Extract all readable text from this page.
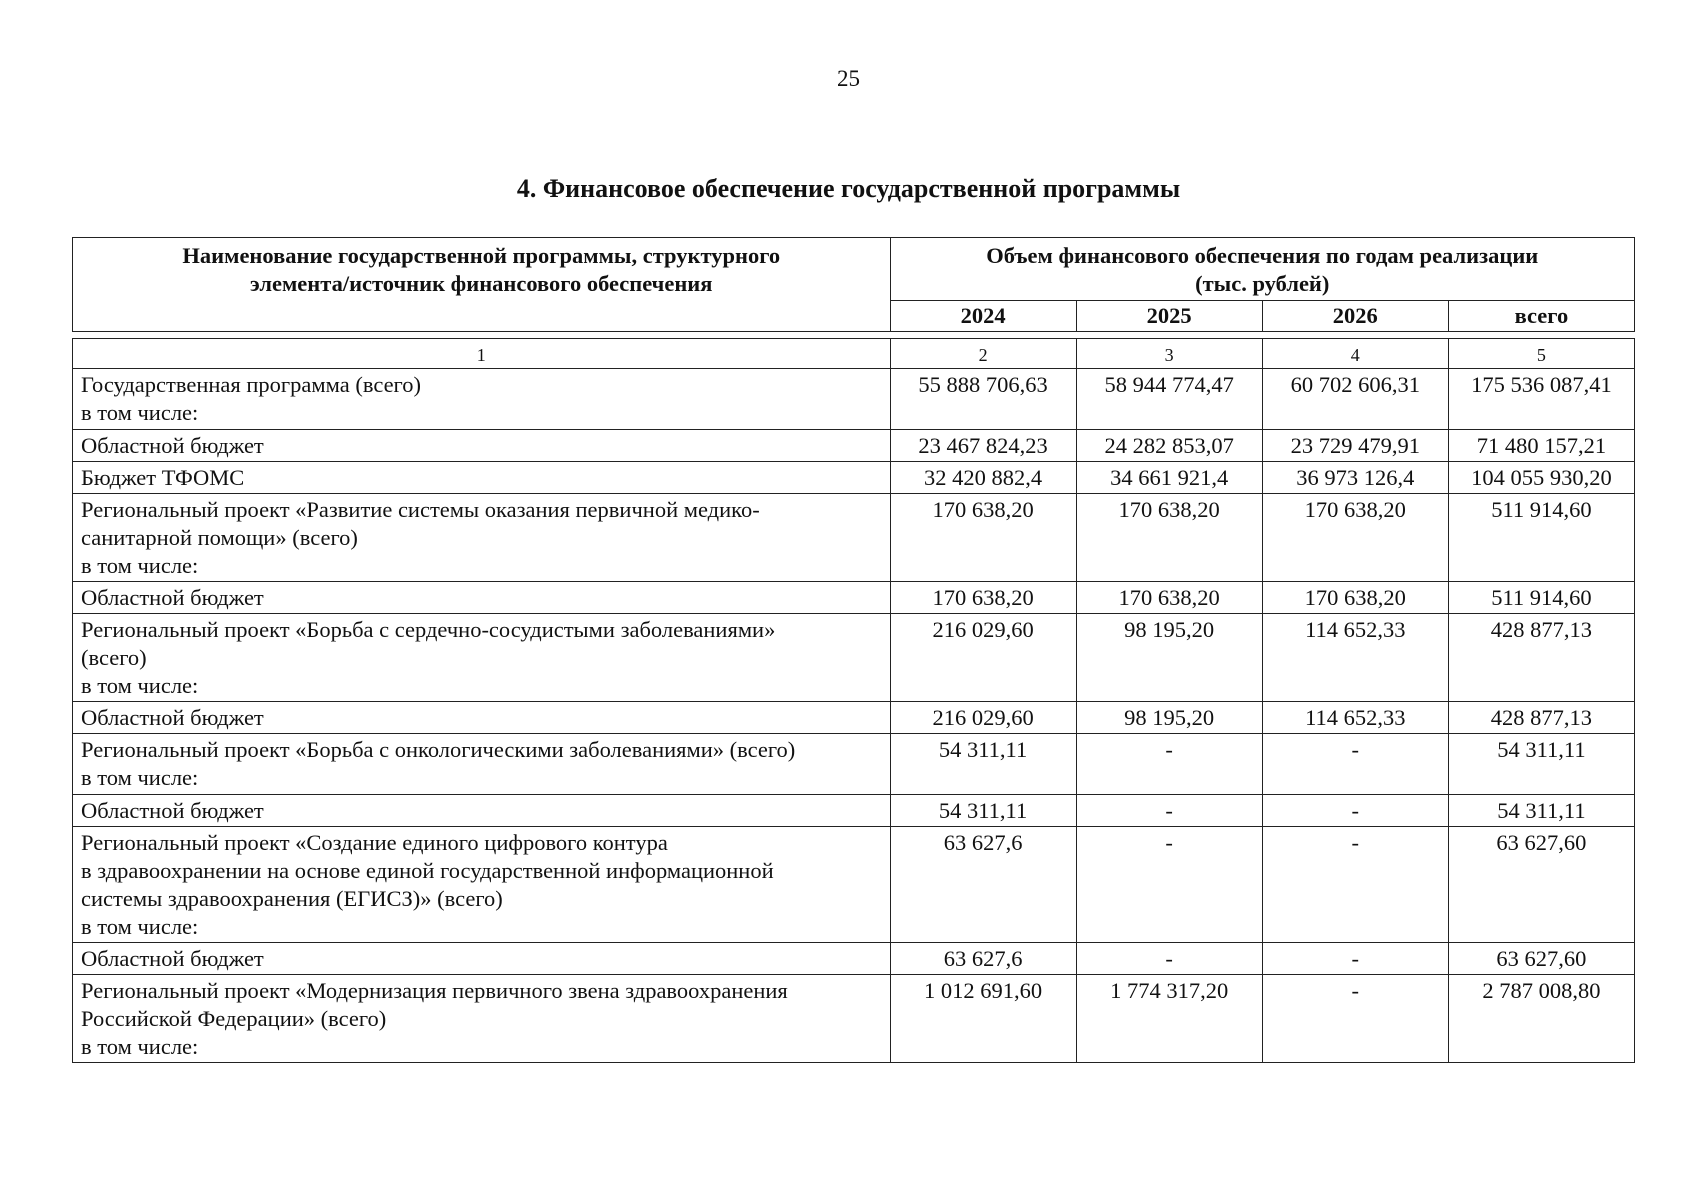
25
4. Финансовое обеспечение государственной программы
Наименование государственной программы, структурного
элемента/источник финансового обеспечения	Объем финансового обеспечения по годам реализации
(тыс. рублей)			

	2024	2025	2026	всего
1	2	3	4	5

Государственная программа (всего)
в том числе:	55 888 706,63	58 944 774,47	60 702 606,31	175 536 087,41

Областной бюджет	23 467 824,23	24 282 853,07	23 729 479,91	71 480 157,21

Бюджет ТФОМС	32 420 882,4	34 661 921,4	36 973 126,4	104 055 930,20

Региональный проект «Развитие системы оказания первичной медико-
санитарной помощи» (всего)
в том числе:	170 638,20	170 638,20	170 638,20	511 914,60

Областной бюджет	170 638,20	170 638,20	170 638,20	511 914,60

Региональный проект «Борьба с сердечно-сосудистыми заболеваниями»
(всего)
в том числе:	216 029,60	98 195,20	114 652,33	428 877,13

Областной бюджет	216 029,60	98 195,20	114 652,33	428 877,13

Региональный проект «Борьба с онкологическими заболеваниями» (всего)
в том числе:	54 311,11	-	-	54 311,11

Областной бюджет	54 311,11	-	-	54 311,11

Региональный проект «Создание единого цифрового контура
в здравоохранении на основе единой государственной информационной
системы здравоохранения (ЕГИСЗ)» (всего)
в том числе:	63 627,6	-	-	63 627,60

Областной бюджет	63 627,6	-	-	63 627,60

Региональный проект «Модернизация первичного звена здравоохранения
Российской Федерации» (всего)
в том числе:	1 012 691,60	1 774 317,20	-	2 787 008,80
